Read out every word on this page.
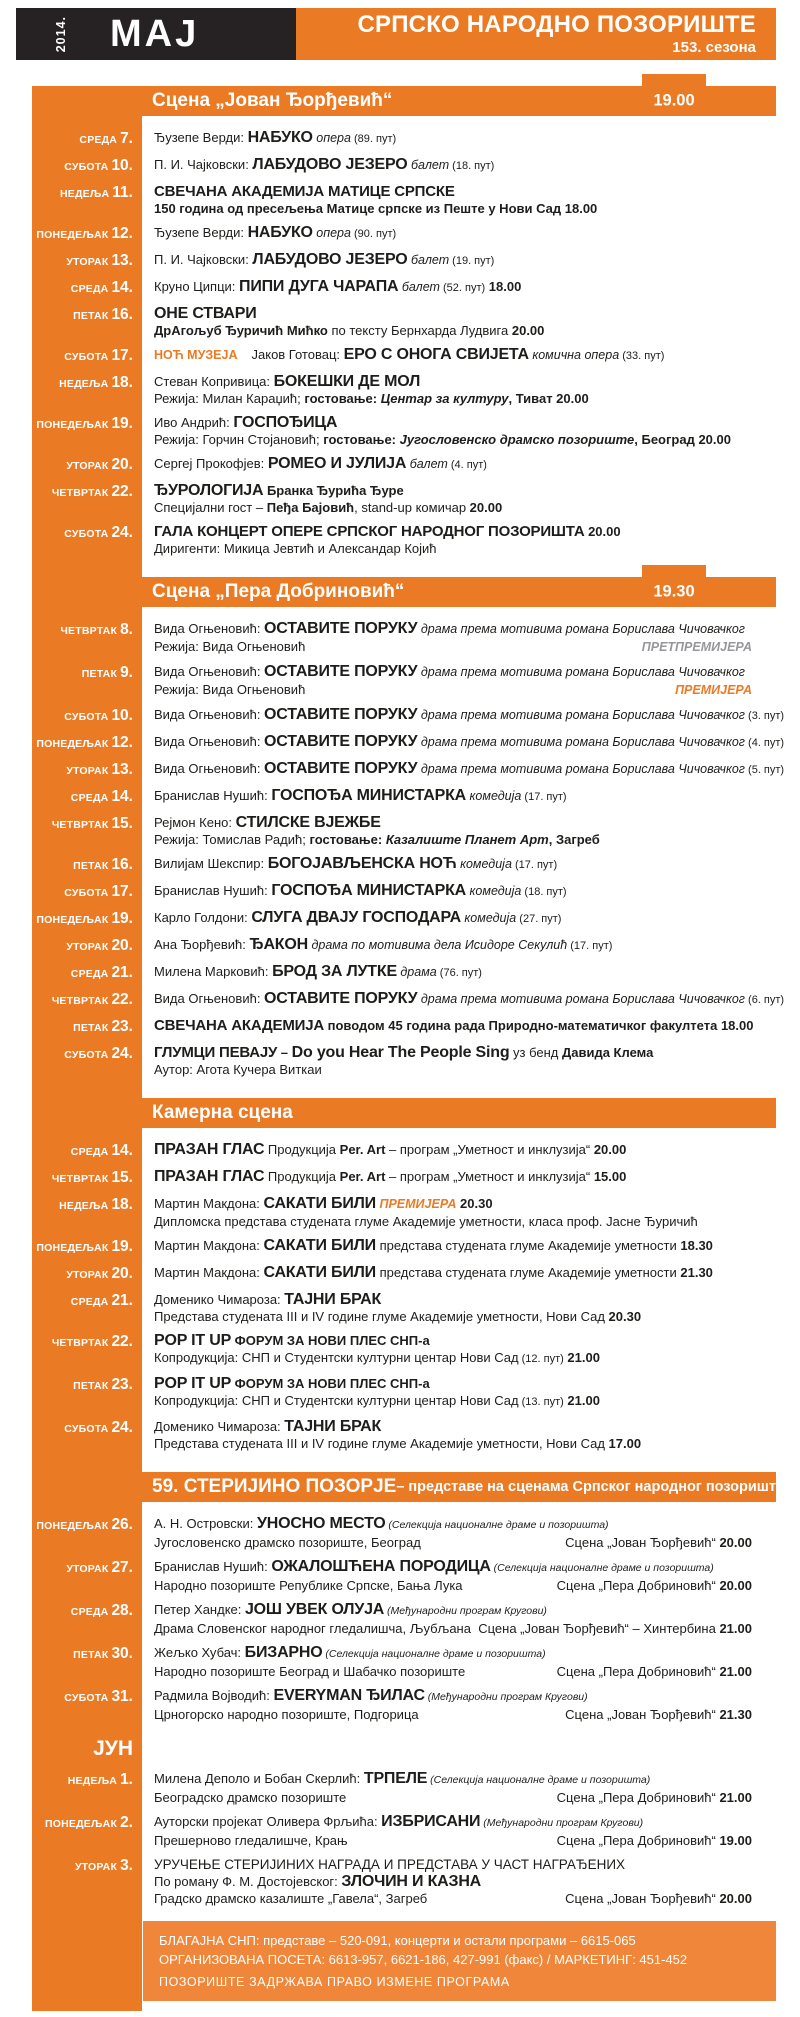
2014. МАЈ	СРПСКО НАРОДНО ПОЗОРИШТЕ
153. сезона
Сцена „Јован Ђорђевић“	19.00
СРЕДА 7.	Ђузепе Верди: НАБУКО опера (89. пут)
СУБОТА 10.	П. И. Чајковски: ЛАБУДОВО ЈЕЗЕРО балет (18. пут)
НЕДЕЉА 11.	СВЕЧАНА АКАДЕМИЈА МАТИЦЕ СРПСКЕ
150 година од пресељења Матице српске из Пеште у Нови Сад 18.00
ПОНЕДЕЉАК 12.	Ђузепе Верди: НАБУКО опера (90. пут)
УТОРАК 13.	П. И. Чајковски: ЛАБУДОВО ЈЕЗЕРО балет (19. пут)
СРЕДА 14.	Круно Ципци: ПИПИ ДУГА ЧАРАПА балет (52. пут) 18.00
ПЕТАК 16.	ОНЕ СТВАРИ
ДрАгољуб Ђуричић Мићко по тексту Бернхарда Лудвига 20.00
СУБОТА 17.	НОЋ МУЗЕЈА Јаков Готовац: ЕРО С ОНОГА СВИЈЕТА комична опера (33. пут)
НЕДЕЉА 18.	Стеван Копривица: БОКЕШКИ ДЕ МОЛ
Режија: Милан Караџић; гостовање: Центар за културу, Тиват 20.00
ПОНЕДЕЉАК 19.	Иво Андрић: ГОСПОЂИЦА
Режија: Горчин Стојановић; гостовање: Југословенско драмско позориште, Београд 20.00
УТОРАК 20.	Сергеј Прокофјев: РОМЕО И ЈУЛИЈА балет (4. пут)
ЧЕТВРТАК 22.	ЂУРОЛОГИЈА Бранка Ђурића Ђуре
Специјални гост – Пеђа Бајовић, stand-up комичар 20.00
СУБОТА 24.	ГАЛА КОНЦЕРТ ОПЕРЕ СРПСКОГ НАРОДНОГ ПОЗОРИШТА 20.00
Диригенти: Микица Јевтић и Александар Којић
Сцена „Пера Добриновић“	19.30
ЧЕТВРТАК 8.	Вида Огњеновић: ОСТАВИТЕ ПОРУКУ драма према мотивима романа Борислава Чичовачког
Режија: Вида Огњеновић	ПРЕТПРЕМИЈЕРА
ПЕТАК 9.	Вида Огњеновић: ОСТАВИТЕ ПОРУКУ драма према мотивима романа Борислава Чичовачког
Режија: Вида Огњеновић	ПРЕМИЈЕРА
СУБОТА 10.	Вида Огњеновић: ОСТАВИТЕ ПОРУКУ драма према мотивима романа Борислава Чичовачког (3. пут)
ПОНЕДЕЉАК 12.	Вида Огњеновић: ОСТАВИТЕ ПОРУКУ драма према мотивима романа Борислава Чичовачког (4. пут)
УТОРАК 13.	Вида Огњеновић: ОСТАВИТЕ ПОРУКУ драма према мотивима романа Борислава Чичовачког (5. пут)
СРЕДА 14.	Бранислав Нушић: ГОСПОЂА МИНИСТАРКА комедија (17. пут)
ЧЕТВРТАК 15.	Рејмон Кено: СТИЛСКЕ ВЈЕЖБЕ
Режија: Томислав Радић; гостовање: Казалиште Планет Арт, Загреб
ПЕТАК 16.	Вилијам Шекспир: БОГОЈАВЉЕНСКА НОЋ комедија (17. пут)
СУБОТА 17.	Бранислав Нушић: ГОСПОЂА МИНИСТАРКА комедија (18. пут)
ПОНЕДЕЉАК 19.	Карло Голдони: СЛУГА ДВАЈУ ГОСПОДАРА комедија (27. пут)
УТОРАК 20.	Ана Ђорђевић: ЂАКОН драма по мотивима дела Исидоре Секулић (17. пут)
СРЕДА 21.	Милена Марковић: БРОД ЗА ЛУТКЕ драма (76. пут)
ЧЕТВРТАК 22.	Вида Огњеновић: ОСТАВИТЕ ПОРУКУ драма према мотивима романа Борислава Чичовачког (6. пут)
ПЕТАК 23.	СВЕЧАНА АКАДЕМИЈА поводом 45 година рада Природно-математичког факултета 18.00
СУБОТА 24.	ГЛУМЦИ ПЕВАЈУ – Do you Hear The People Sing уз бенд Давида Клема
Аутор: Агота Кучера Виткаи
Камерна сцена
СРЕДА 14.	ПРАЗАН ГЛАС Продукција Per. Art – програм „Уметност и инклузија“ 20.00
ЧЕТВРТАК 15.	ПРАЗАН ГЛАС Продукција Per. Art – програм „Уметност и инклузија“ 15.00
НЕДЕЉА 18.	Мартин Макдона: САКАТИ БИЛИ ПРЕМИЈЕРА 20.30
Дипломска представа студената глуме Академије уметности, класа проф. Јасне Ђуричић
ПОНЕДЕЉАК 19.	Мартин Макдона: САКАТИ БИЛИ представа студената глуме Академије уметности 18.30
УТОРАК 20.	Мартин Макдона: САКАТИ БИЛИ представа студената глуме Академије уметности 21.30
СРЕДА 21.	Доменико Чимароза: ТАЈНИ БРАК
Представа студената III и IV године глуме Академије уметности, Нови Сад 20.30
ЧЕТВРТАК 22.	POP IT UP ФОРУМ ЗА НОВИ ПЛЕС СНП-а
Копродукција: СНП и Студентски културни центар Нови Сад (12. пут) 21.00
ПЕТАК 23.	POP IT UP ФОРУМ ЗА НОВИ ПЛЕС СНП-а
Копродукција: СНП и Студентски културни центар Нови Сад (13. пут) 21.00
СУБОТА 24.	Доменико Чимароза: ТАЈНИ БРАК
Представа студената III и IV године глуме Академије уметности, Нови Сад 17.00
59. СТЕРИЈИНО ПОЗОРЈЕ – представе на сценама Српског народног позоришта
ПОНЕДЕЉАК 26.	А. Н. Островски: УНОСНО МЕСТО (Селекција националне драме и позоришта)
Југословенско драмско позориште, Београд	Сцена „Јован Ђорђевић“ 20.00
УТОРАК 27.	Бранислав Нушић: ОЖАЛОШЋЕНА ПОРОДИЦА (Селекција националне драме и позоришта)
Народно позориште Републике Српске, Бања Лука	Сцена „Пера Добриновић“ 20.00
СРЕДА 28.	Петер Хандке: ЈОШ УВЕК ОЛУЈА (Међународни програм Кругови)
Драма Словенског народног гледалишча, Љубљана Сцена „Јован Ђорђевић“ – Хинтербина 21.00
ПЕТАК 30.	Жељко Хубач: БИЗАРНО (Селекција националне драме и позоришта)
Народно позориште Београд и Шабачко позориште	Сцена „Пера Добриновић“ 21.00
СУБОТА 31.	Радмила Војводић: EVERYMAN ЂИЛАС (Међународни програм Кругови)
Црногорско народно позориште, Подгорица	Сцена „Јован Ђорђевић“ 21.30
ЈУН
НЕДЕЉА 1.	Милена Деполо и Бобан Скерлић: ТРПЕЛЕ (Селекција националне драме и позоришта)
Београдско драмско позориште	Сцена „Пера Добриновић“ 21.00
ПОНЕДЕЉАК 2.	Ауторски пројекат Оливера Фрљића: ИЗБРИСАНИ (Међународни програм Кругови)
Прешерново гледалишче, Крањ	Сцена „Пера Добриновић“ 19.00
УТОРАК 3.	УРУЧЕЊЕ СТЕРИЈИНИХ НАГРАДА И ПРЕДСТАВА У ЧАСТ НАГРАЂЕНИХ
По роману Ф. М. Достојевског: ЗЛОЧИН И КАЗНА
Градско драмско казалиште „Гавела“, Загреб	Сцена „Јован Ђорђевић“ 20.00
БЛАГАЈНА СНП: представе – 520-091, концерти и остали програми – 6615-065
ОРГАНИЗОВАНА ПОСЕТА: 6613-957, 6621-186, 427-991 (факс) / МАРКЕТИНГ: 451-452
ПОЗОРИШТЕ ЗАДРЖАВА ПРАВО ИЗМЕНЕ ПРОГРАМА
